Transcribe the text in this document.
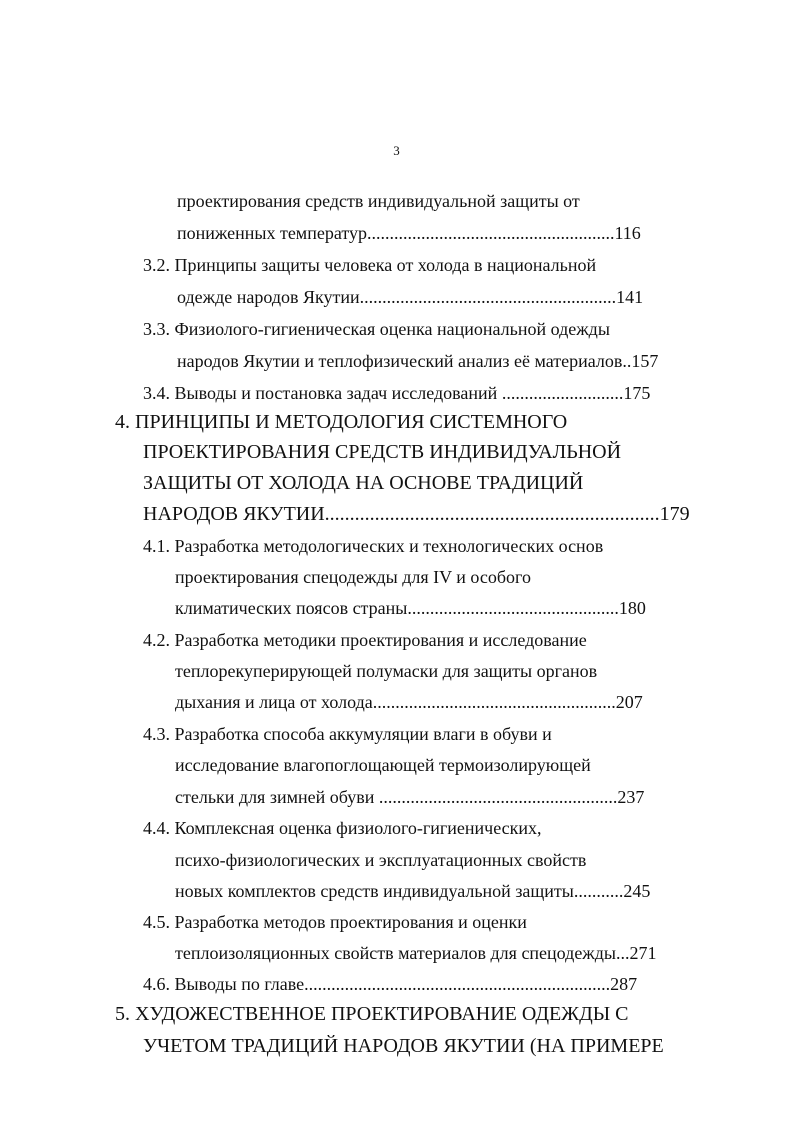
3
проектирования средств индивидуальной защиты от
пониженных температур.......................................................116
3.2. Принципы защиты человека от холода в национальной
одежде народов Якутии.........................................................141
3.3. Физиолого-гигиеническая оценка национальной одежды
народов Якутии и теплофизический анализ её материалов..157
3.4. Выводы и постановка задач исследований ...........................175
4. ПРИНЦИПЫ И МЕТОДОЛОГИЯ СИСТЕМНОГО
ПРОЕКТИРОВАНИЯ СРЕДСТВ ИНДИВИДУАЛЬНОЙ
ЗАЩИТЫ ОТ ХОЛОДА НА ОСНОВЕ ТРАДИЦИЙ
НАРОДОВ ЯКУТИИ...................................................................179
4.1. Разработка методологических и технологических основ
проектирования спецодежды для IV и особого
климатических поясов страны...............................................180
4.2. Разработка методики проектирования и исследование
теплорекуперирующей полумаски для защиты органов
дыхания и лица от холода......................................................207
4.3. Разработка способа аккумуляции влаги в обуви и
исследование влагопоглощающей термоизолирующей
стельки для зимней обуви .....................................................237
4.4. Комплексная оценка физиолого-гигиенических,
психо-физиологических и эксплуатационных свойств
новых комплектов средств индивидуальной защиты...........245
4.5. Разработка методов проектирования и оценки
теплоизоляционных свойств материалов для спецодежды...271
4.6. Выводы по главе....................................................................287
5. ХУДОЖЕСТВЕННОЕ ПРОЕКТИРОВАНИЕ ОДЕЖДЫ С
УЧЕТОМ ТРАДИЦИЙ НАРОДОВ ЯКУТИИ (НА ПРИМЕРЕ
